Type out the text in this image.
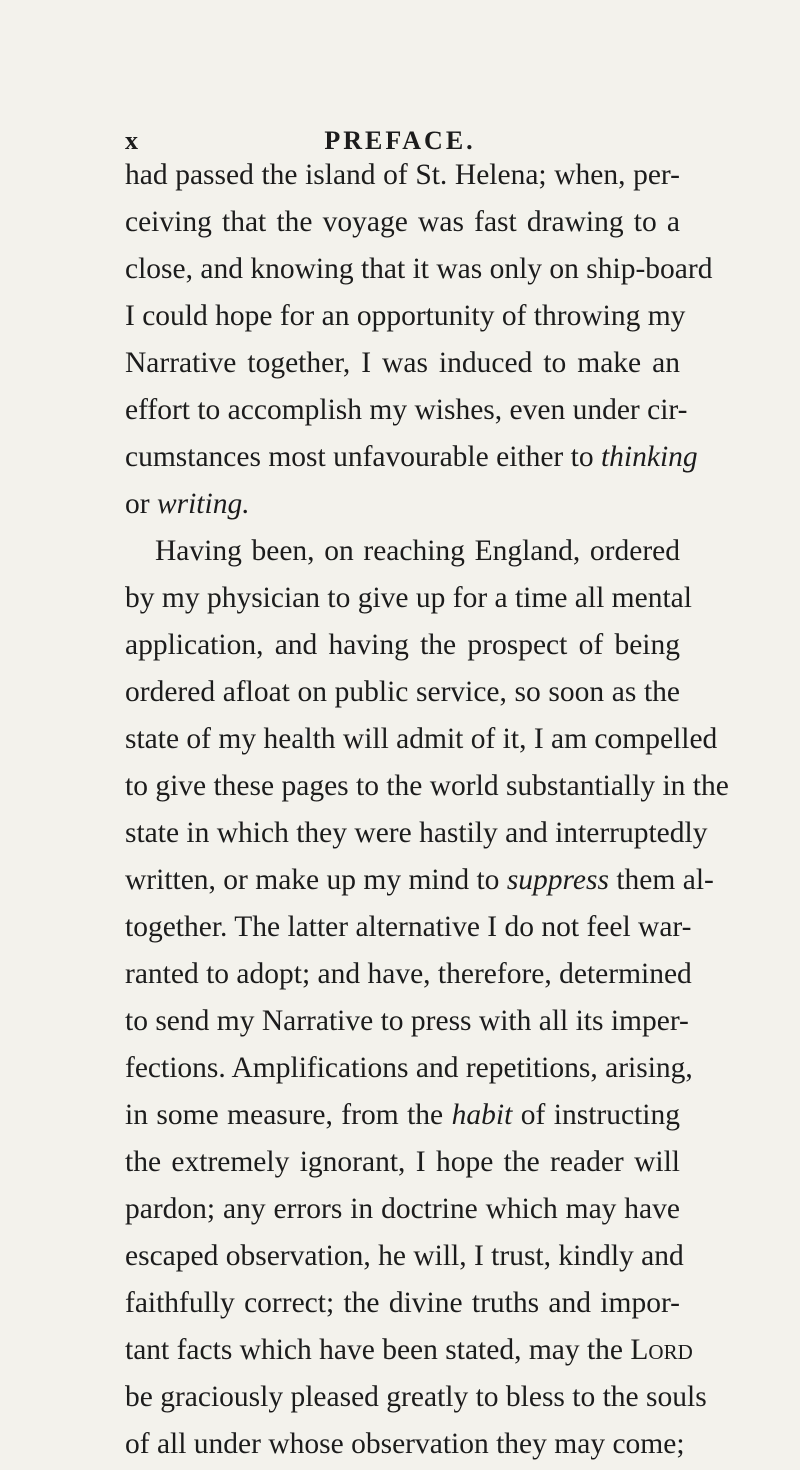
x	PREFACE.
had passed the island of St. Helena; when, per-
ceiving that the voyage was fast drawing to a
close, and knowing that it was only on ship-board
I could hope for an opportunity of throwing my
Narrative together, I was induced to make an
effort to accomplish my wishes, even under cir-
cumstances most unfavourable either to thinking
or writing.
Having been, on reaching England, ordered
by my physician to give up for a time all mental
application, and having the prospect of being
ordered afloat on public service, so soon as the
state of my health will admit of it, I am compelled
to give these pages to the world substantially in the
state in which they were hastily and interruptedly
written, or make up my mind to suppress them al-
together. The latter alternative I do not feel war-
ranted to adopt; and have, therefore, determined
to send my Narrative to press with all its imper-
fections. Amplifications and repetitions, arising,
in some measure, from the habit of instructing
the extremely ignorant, I hope the reader will
pardon; any errors in doctrine which may have
escaped observation, he will, I trust, kindly and
faithfully correct; the divine truths and impor-
tant facts which have been stated, may the Lord
be graciously pleased greatly to bless to the souls
of all under whose observation they may come;
